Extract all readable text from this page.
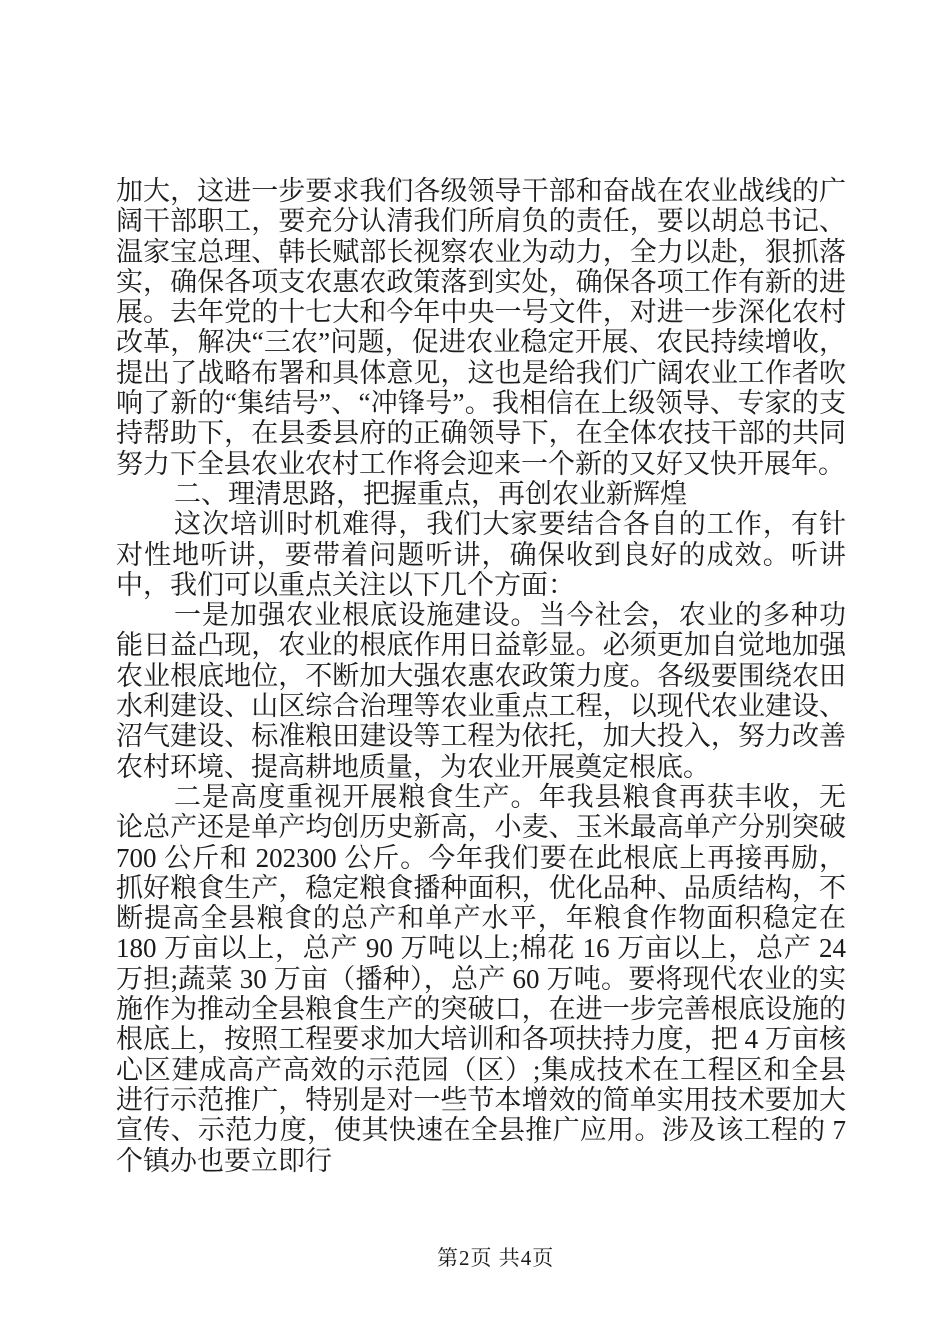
加大，这进一步要求我们各级领导干部和奋战在农业战线的广阔干部职工，要充分认清我们所肩负的责任，要以胡总书记、温家宝总理、韩长赋部长视察农业为动力，全力以赴，狠抓落实，确保各项支农惠农政策落到实处，确保各项工作有新的进展。去年党的十七大和今年中央一号文件，对进一步深化农村改革，解决“三农”问题，促进农业稳定开展、农民持续增收，提出了战略布署和具体意见，这也是给我们广阔农业工作者吹响了新的“集结号”、“冲锋号”。我相信在上级领导、专家的支持帮助下，在县委县府的正确领导下，在全体农技干部的共同努力下全县农业农村工作将会迎来一个新的又好又快开展年。

二、理清思路，把握重点，再创农业新辉煌

这次培训时机难得，我们大家要结合各自的工作，有针对性地听讲，要带着问题听讲，确保收到良好的成效。听讲中，我们可以重点关注以下几个方面：

一是加强农业根底设施建设。当今社会，农业的多种功能日益凸现，农业的根底作用日益彰显。必须更加自觉地加强农业根底地位，不断加大强农惠农政策力度。各级要围绕农田水利建设、山区综合治理等农业重点工程，以现代农业建设、沼气建设、标准粮田建设等工程为依托，加大投入，努力改善农村环境、提高耕地质量，为农业开展奠定根底。

二是高度重视开展粮食生产。年我县粮食再获丰收，无论总产还是单产均创历史新高，小麦、玉米最高单产分别突破 700 公斤和 202300 公斤。今年我们要在此根底上再接再励，抓好粮食生产，稳定粮食播种面积，优化品种、品质结构，不断提高全县粮食的总产和单产水平，年粮食作物面积稳定在 180 万亩以上，总产 90 万吨以上;棉花 16 万亩以上，总产 24 万担;蔬菜 30 万亩（播种），总产 60 万吨。要将现代农业的实施作为推动全县粮食生产的突破口，在进一步完善根底设施的根底上，按照工程要求加大培训和各项扶持力度，把 4 万亩核心区建成高产高效的示范园（区）;集成技术在工程区和全县进行示范推广，特别是对一些节本增效的简单实用技术要加大宣传、示范力度，使其快速在全县推广应用。涉及该工程的 7 个镇办也要立即行

第2页 共4页
